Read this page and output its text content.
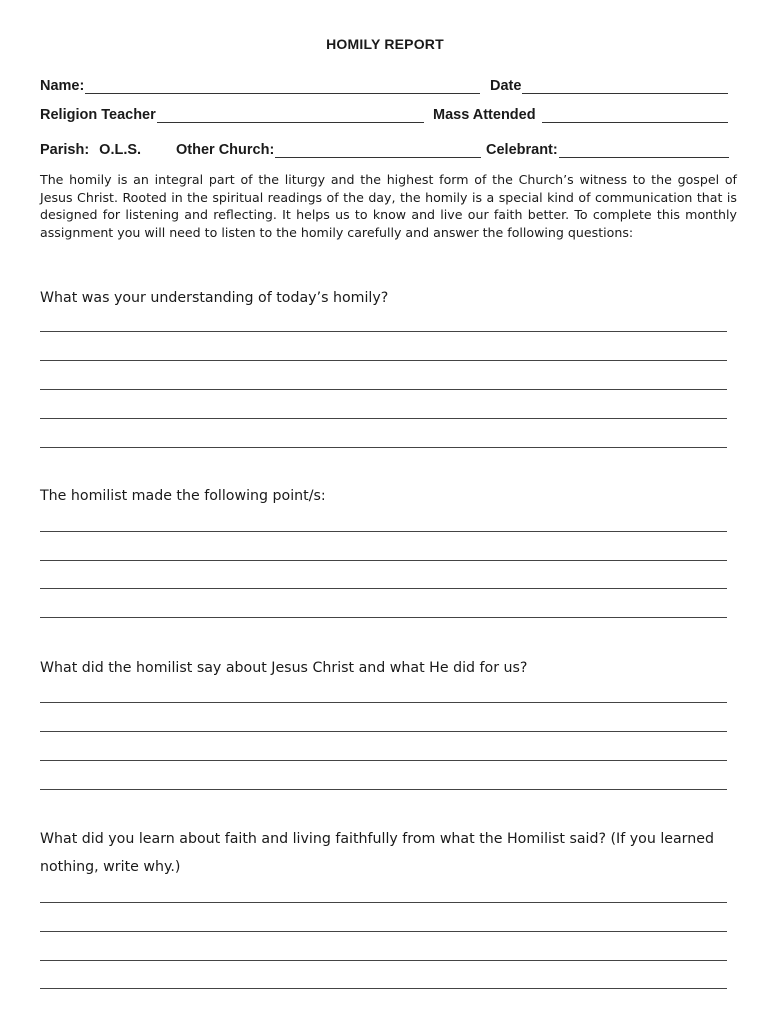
HOMILY REPORT
Name:	Date
Religion Teacher	Mass Attended
Parish: O.L.S. Other Church:	Celebrant:
The homily is an integral part of the liturgy and the highest form of the Church’s witness to the gospel of Jesus Christ. Rooted in the spiritual readings of the day, the homily is a special kind of communication that is designed for listening and reflecting. It helps us to know and live our faith better. To complete this monthly assignment you will need to listen to the homily carefully and answer the following questions:
What was your understanding of today’s homily?
The homilist made the following point/s:
What did the homilist say about Jesus Christ and what He did for us?
What did you learn about faith and living faithfully from what the Homilist said? (If you learned nothing, write why.)
